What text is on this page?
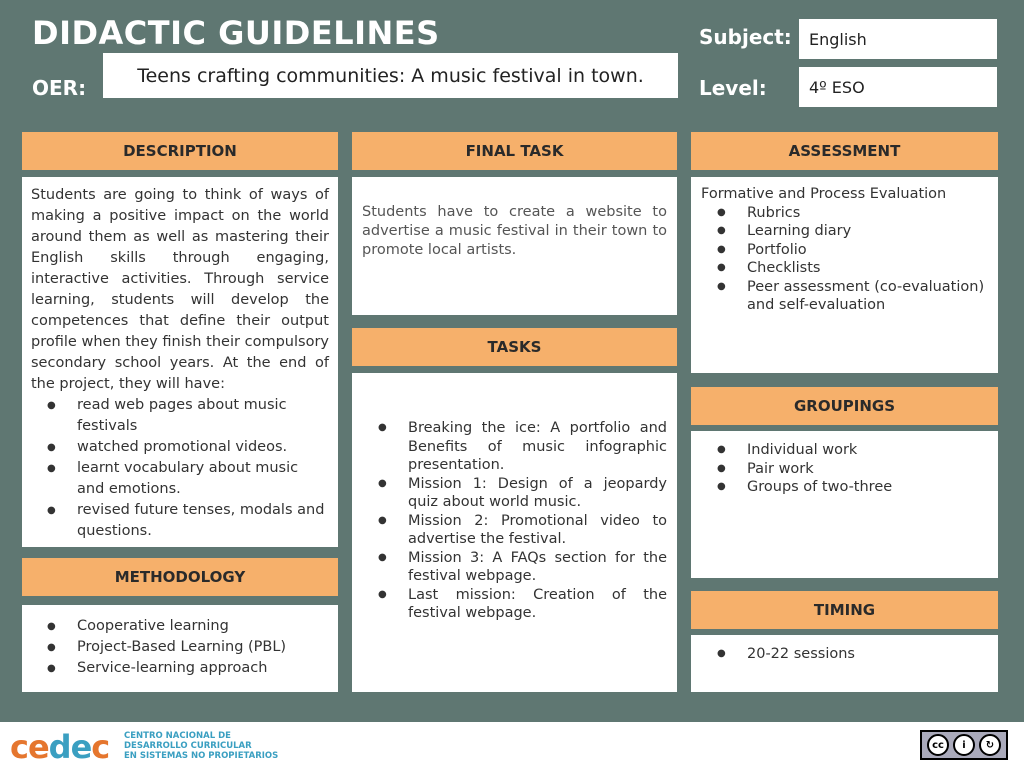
DIDACTIC GUIDELINES
OER:
Teens crafting communities: A music festival in town.
Subject:	English
Level:	4º ESO
DESCRIPTION

Students are going to think of ways of making a positive impact on the world around them as well as mastering their English skills through engaging, interactive activities. Through service learning, students will develop the competences that define their output profile when they finish their compulsory secondary school years. At the end of the project, they will have:

● read web pages about music festivals
● watched promotional videos.
● learnt vocabulary about music and emotions.
● revised future tenses, modals and questions.
METHODOLOGY
● Cooperative learning
● Project-Based Learning (PBL)
● Service-learning approach
FINAL TASK

Students have to create a website to advertise a music festival in their town to promote local artists.

TASKS
● Breaking the ice: A portfolio and Benefits of music infographic presentation.
● Mission 1: Design of a jeopardy quiz about world music.
● Mission 2: Promotional video to advertise the festival.
● Mission 3: A FAQs section for the festival webpage.
● Last mission: Creation of the festival webpage.
ASSESSMENT

Formative and Process Evaluation

● Rubrics
● Learning diary
● Portfolio
● Checklists
● Peer assessment (co-evaluation) and self-evaluation
GROUPINGS
● Individual work
● Pair work
● Groups of two-three
TIMING
● 20-22 sessions
cedec CENTRO NACIONAL DE
DESARROLLO CURRICULAR
EN SISTEMAS NO PROPIETARIOS
cc	i	↻
